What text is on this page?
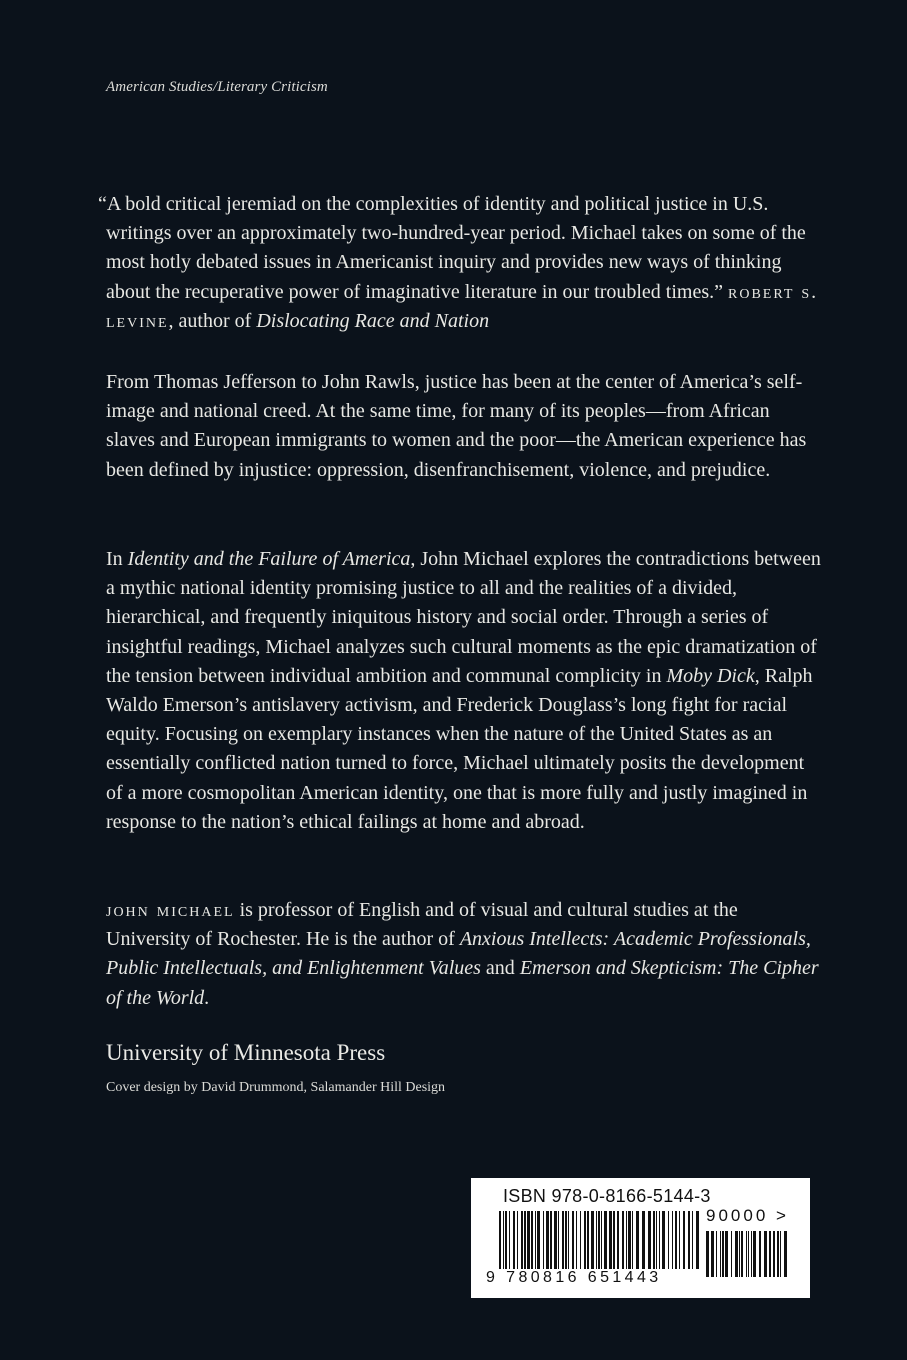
American Studies/Literary Criticism
“A bold critical jeremiad on the complexities of identity and political justice in U.S. writings over an approximately two-hundred-year period. Michael takes on some of the most hotly debated issues in Americanist inquiry and provides new ways of thinking about the recuperative power of imaginative literature in our troubled times.” robert s. levine, author of Dislocating Race and Nation
From Thomas Jefferson to John Rawls, justice has been at the center of America’s self-image and national creed. At the same time, for many of its peoples—from African slaves and European immigrants to women and the poor—the American experience has been defined by injustice: oppression, disenfranchisement, violence, and prejudice.
In Identity and the Failure of America, John Michael explores the contradictions between a mythic national identity promising justice to all and the realities of a divided, hierarchical, and frequently iniquitous history and social order. Through a series of insightful readings, Michael analyzes such cultural moments as the epic dramatization of the tension between individual ambition and communal complicity in Moby Dick, Ralph Waldo Emerson’s antislavery activism, and Frederick Douglass’s long fight for racial equity. Focusing on exemplary instances when the nature of the United States as an essentially conflicted nation turned to force, Michael ultimately posits the development of a more cosmopolitan American identity, one that is more fully and justly imagined in response to the nation’s ethical failings at home and abroad.
john michael is professor of English and of visual and cultural studies at the University of Rochester. He is the author of Anxious Intellects: Academic Professionals, Public Intellectuals, and Enlightenment Values and Emerson and Skepticism: The Cipher of the World.
University of Minnesota Press
Cover design by David Drummond, Salamander Hill Design
ISBN 978-0-8166-5144-3
90000 >
9 780816 651443
